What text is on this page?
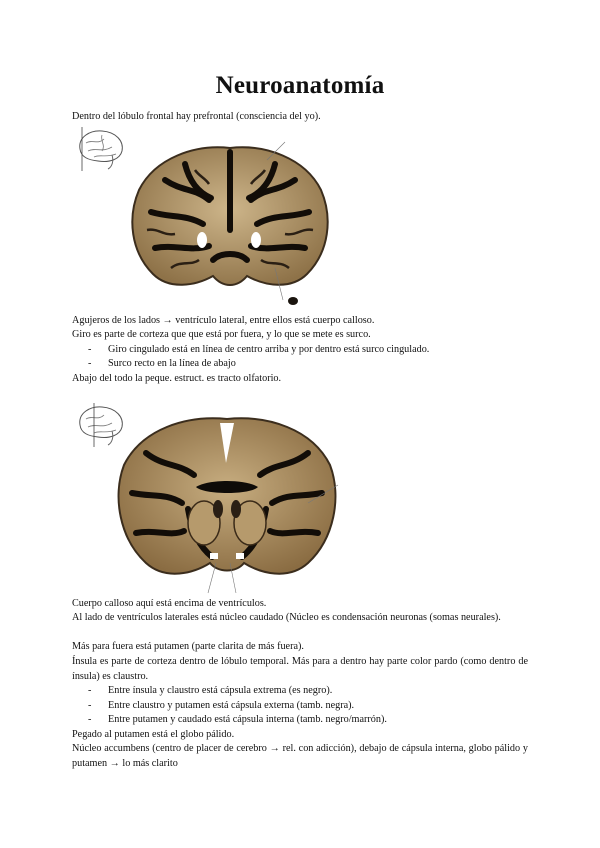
Neuroanatomía
Dentro del lóbulo frontal hay prefrontal (consciencia del yo).
Agujeros de los lados → ventrículo lateral, entre ellos está cuerpo calloso.
Giro es parte de corteza que que está por fuera, y lo que se mete es surco.
- Giro cingulado está en línea de centro arriba y por dentro está surco cingulado.
- Surco recto en la línea de abajo
Abajo del todo la peque. estruct. es tracto olfatorio.
Cuerpo calloso aquí está encima de ventrículos.
Al lado de ventrículos laterales está núcleo caudado (Núcleo es condensación neuronas (somas neurales).
Más para fuera está putamen (parte clarita de más fuera).
Ínsula es parte de corteza dentro de lóbulo temporal. Más para a dentro hay parte color pardo (como dentro de ínsula) es claustro.
- Entre ínsula y claustro está cápsula extrema (es negro).
- Entre claustro y putamen está cápsula externa (tamb. negra).
- Entre putamen y caudado está cápsula interna (tamb. negro/marrón).
Pegado al putamen está el globo pálido.
Núcleo accumbens (centro de placer de cerebro → rel. con adicción), debajo de cápsula interna, globo pálido y putamen → lo más clarito
